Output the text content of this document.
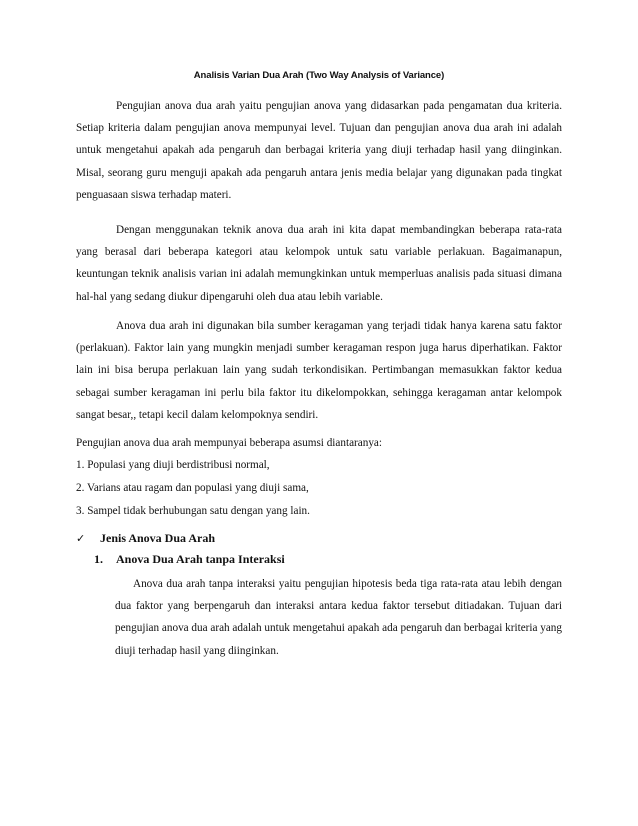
Analisis Varian Dua Arah (Two Way Analysis of Variance)
Pengujian anova dua arah yaitu pengujian anova yang didasarkan pada pengamatan dua kriteria. Setiap kriteria dalam pengujian anova mempunyai level. Tujuan dan pengujian anova dua arah ini adalah untuk mengetahui apakah ada pengaruh dan berbagai kriteria yang diuji terhadap hasil yang diinginkan. Misal, seorang guru menguji apakah ada pengaruh antara jenis media belajar yang digunakan pada tingkat penguasaan siswa terhadap materi.
Dengan menggunakan teknik anova dua arah ini kita dapat membandingkan beberapa rata-rata yang berasal dari beberapa kategori atau kelompok untuk satu variable perlakuan. Bagaimanapun, keuntungan teknik analisis varian ini adalah memungkinkan untuk memperluas analisis pada situasi dimana hal-hal yang sedang diukur dipengaruhi oleh dua atau lebih variable.
Anova dua arah ini digunakan bila sumber keragaman yang terjadi tidak hanya karena satu faktor (perlakuan). Faktor lain yang mungkin menjadi sumber keragaman respon juga harus diperhatikan. Faktor lain ini bisa berupa perlakuan lain yang sudah terkondisikan. Pertimbangan memasukkan faktor kedua sebagai sumber keragaman ini perlu bila faktor itu dikelompokkan, sehingga keragaman antar kelompok sangat besar,, tetapi kecil dalam kelompoknya sendiri.
Pengujian anova dua arah mempunyai beberapa asumsi diantaranya:
1. Populasi yang diuji berdistribusi normal,
2. Varians atau ragam dan populasi yang diuji sama,
3. Sampel tidak berhubungan satu dengan yang lain.
✓ Jenis Anova Dua Arah
1. Anova Dua Arah tanpa Interaksi
Anova dua arah tanpa interaksi yaitu pengujian hipotesis beda tiga rata-rata atau lebih dengan dua faktor yang berpengaruh dan interaksi antara kedua faktor tersebut ditiadakan. Tujuan dari pengujian anova dua arah adalah untuk mengetahui apakah ada pengaruh dan berbagai kriteria yang diuji terhadap hasil yang diinginkan.
